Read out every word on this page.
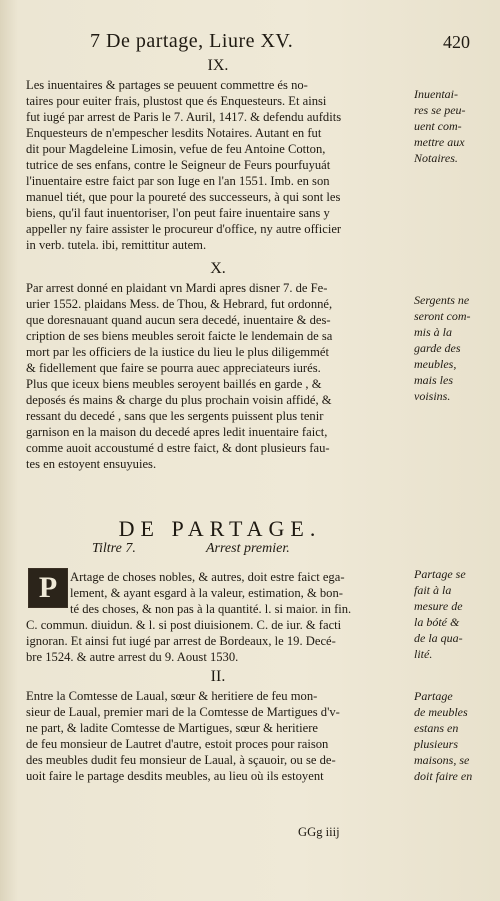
7 De partage, Liure XV.	420
IX.
Les inuentaires & partages se peuuent commettre és no-
taires pour euiter frais, plustost que és Enquesteurs. Et ainsi
fut iugé par arrest de Paris le 7. Auril, 1417. & defendu aufdits
Enquesteurs de n'empescher lesdits Notaires. Autant en fut
dit pour Magdeleine Limosin, vefue de feu Antoine Cotton,
tutrice de ses enfans, contre le Seigneur de Feurs pourfuyuát
l'inuentaire estre faict par son Iuge en l'an 1551. Imb. en son
manuel tiét, que pour la poureté des successeurs, à qui sont les
biens, qu'il faut inuentoriser, l'on peut faire inuentaire sans y
appeller ny faire assister le procureur d'office, ny autre officier
in verb. tutela. ibi, remittitur autem.
X.
Par arrest donné en plaidant vn Mardi apres disner 7. de Fe-
urier 1552. plaidans Mess. de Thou, & Hebrard, fut ordonné,
que doresnauant quand aucun sera decedé, inuentaire & des-
cription de ses biens meubles seroit faicte le lendemain de sa
mort par les officiers de la iustice du lieu le plus diligemmét
& fidellement que faire se pourra auec appreciateurs iurés.
Plus que iceux biens meubles seroyent baillés en garde , &
deposés és mains & charge du plus prochain voisin affidé, &
ressant du decedé , sans que les sergents puissent plus tenir
garnison en la maison du decedé apres ledit inuentaire faict,
comme auoit accoustumé d estre faict, & dont plusieurs fau-
tes en estoyent ensuyuies.
Artage de choses nobles, & autres, doit estre faict ega-
lement, & ayant esgard à la valeur, estimation, & bon-
té des choses, & non pas à la quantité. l. si maior. in fin.
C. commun. diuidun. & l. si post diuisionem. C. de iur. & facti
ignoran. Et ainsi fut iugé par arrest de Bordeaux, le 19. Decé-
bre 1524. & autre arrest du 9. Aoust 1530.
II.
Entre la Comtesse de Laual, sœur & heritiere de feu mon-
sieur de Laual, premier mari de la Comtesse de Martigues d'v-
ne part, & ladite Comtesse de Martigues, sœur & heritiere
de feu monsieur de Lautret d'autre, estoit proces pour raison
des meubles dudit feu monsieur de Laual, à sçauoir, ou se de-
uoit faire le partage desdits meubles, au lieu où ils estoyent
Inuentai-
res se peu-
uent com-
mettre aux
Notaires.
Sergents ne
seront com-
mis à la
garde des
meubles,
mais les
voisins.
Partage se
fait à la
mesure de
la bóté &
de la qua-
lité.
Partage
de meubles
estans en
plusieurs
maisons, se
doit faire en
DE PARTAGE.
Tiltre 7.	Arrest premier.
P
GGg iiij
